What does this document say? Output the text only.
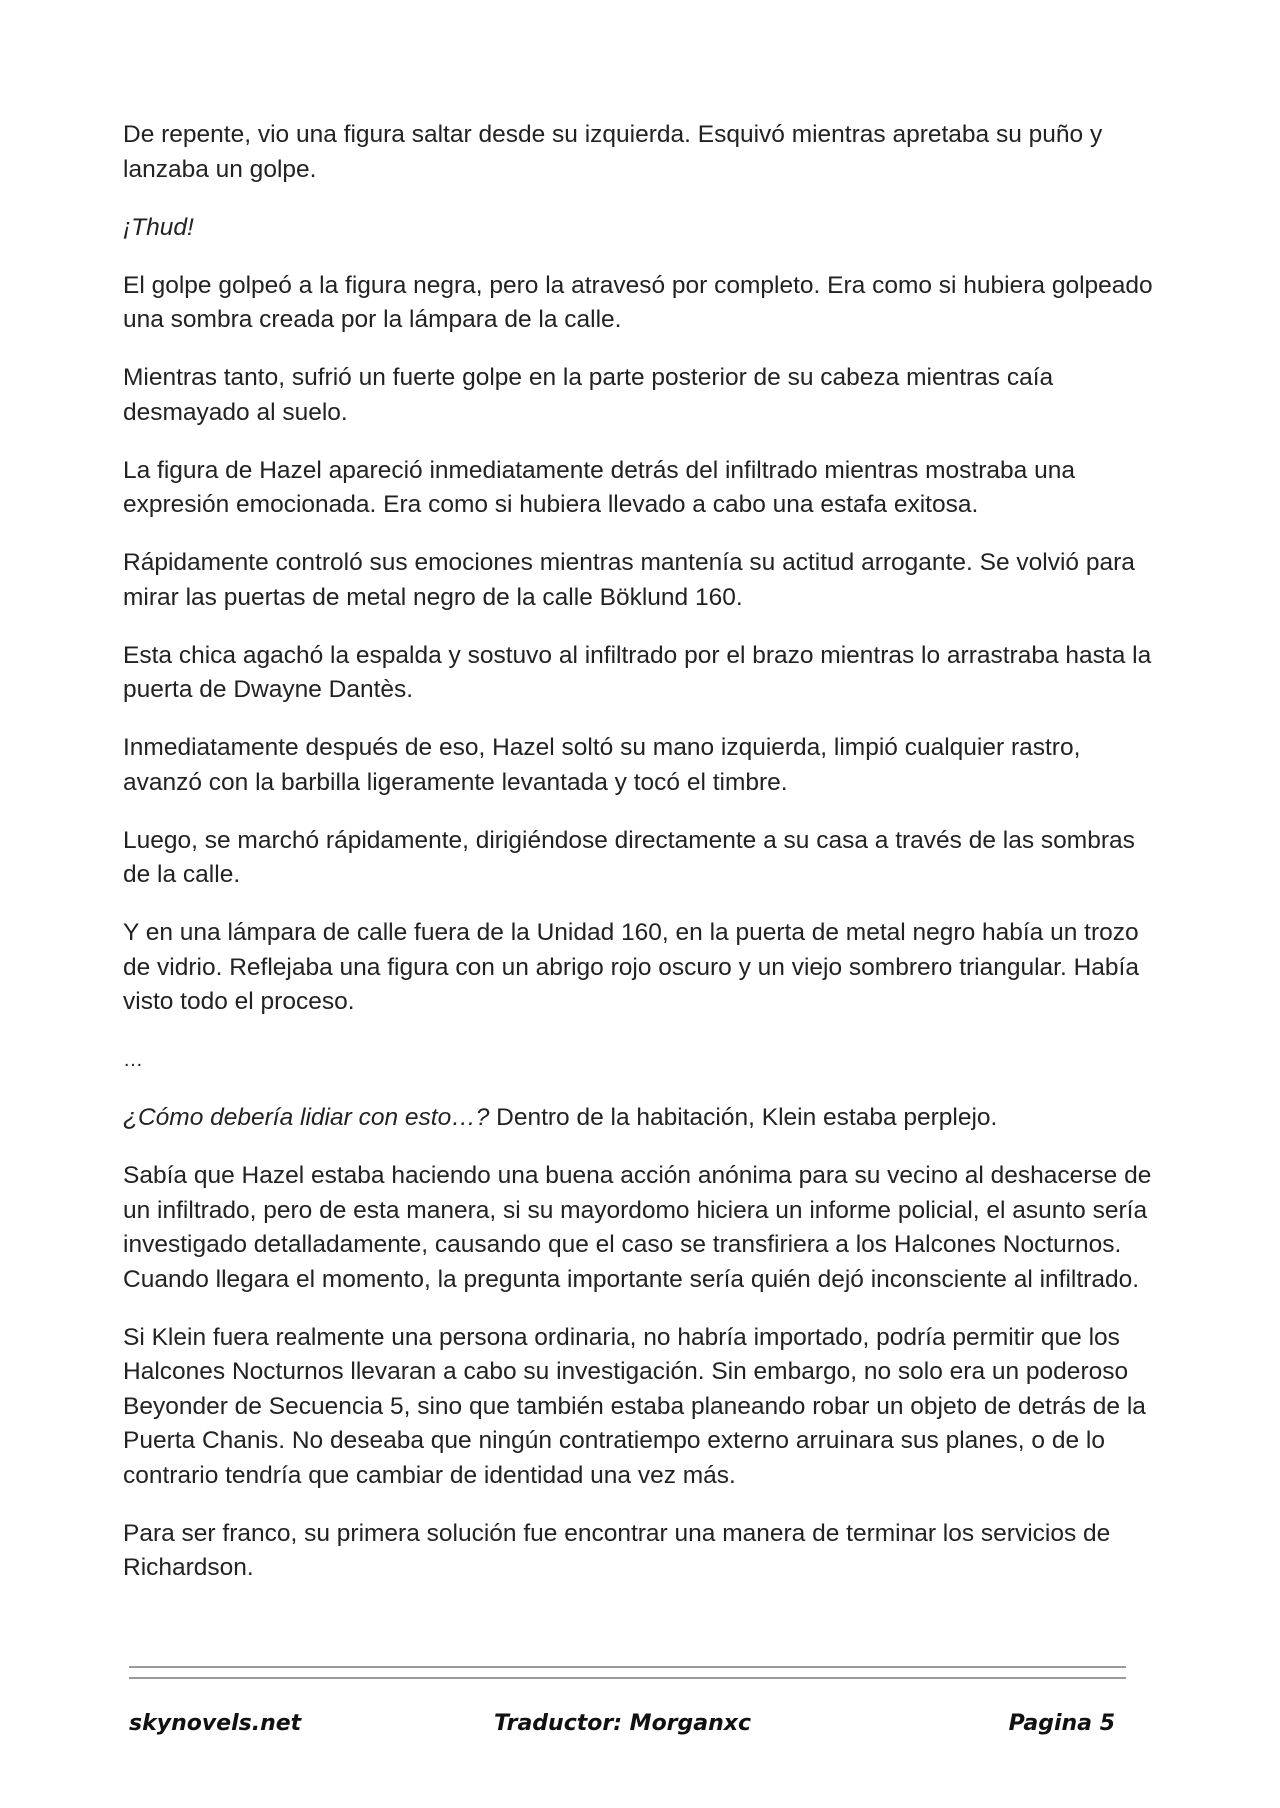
De repente, vio una figura saltar desde su izquierda. Esquivó mientras apretaba su puño y lanzaba un golpe.

¡Thud!

El golpe golpeó a la figura negra, pero la atravesó por completo. Era como si hubiera golpeado una sombra creada por la lámpara de la calle.

Mientras tanto, sufrió un fuerte golpe en la parte posterior de su cabeza mientras caía desmayado al suelo.

La figura de Hazel apareció inmediatamente detrás del infiltrado mientras mostraba una expresión emocionada. Era como si hubiera llevado a cabo una estafa exitosa.

Rápidamente controló sus emociones mientras mantenía su actitud arrogante. Se volvió para mirar las puertas de metal negro de la calle Böklund 160.

Esta chica agachó la espalda y sostuvo al infiltrado por el brazo mientras lo arrastraba hasta la puerta de Dwayne Dantès.

Inmediatamente después de eso, Hazel soltó su mano izquierda, limpió cualquier rastro, avanzó con la barbilla ligeramente levantada y tocó el timbre.

Luego, se marchó rápidamente, dirigiéndose directamente a su casa a través de las sombras de la calle.

Y en una lámpara de calle fuera de la Unidad 160, en la puerta de metal negro había un trozo de vidrio. Reflejaba una figura con un abrigo rojo oscuro y un viejo sombrero triangular. Había visto todo el proceso.

…

¿Cómo debería lidiar con esto…? Dentro de la habitación, Klein estaba perplejo.

Sabía que Hazel estaba haciendo una buena acción anónima para su vecino al deshacerse de un infiltrado, pero de esta manera, si su mayordomo hiciera un informe policial, el asunto sería investigado detalladamente, causando que el caso se transfiriera a los Halcones Nocturnos. Cuando llegara el momento, la pregunta importante sería quién dejó inconsciente al infiltrado.

Si Klein fuera realmente una persona ordinaria, no habría importado, podría permitir que los Halcones Nocturnos llevaran a cabo su investigación. Sin embargo, no solo era un poderoso Beyonder de Secuencia 5, sino que también estaba planeando robar un objeto de detrás de la Puerta Chanis. No deseaba que ningún contratiempo externo arruinara sus planes, o de lo contrario tendría que cambiar de identidad una vez más.

Para ser franco, su primera solución fue encontrar una manera de terminar los servicios de Richardson.

skynovels.net	Traductor: Morganxc	Pagina 5
